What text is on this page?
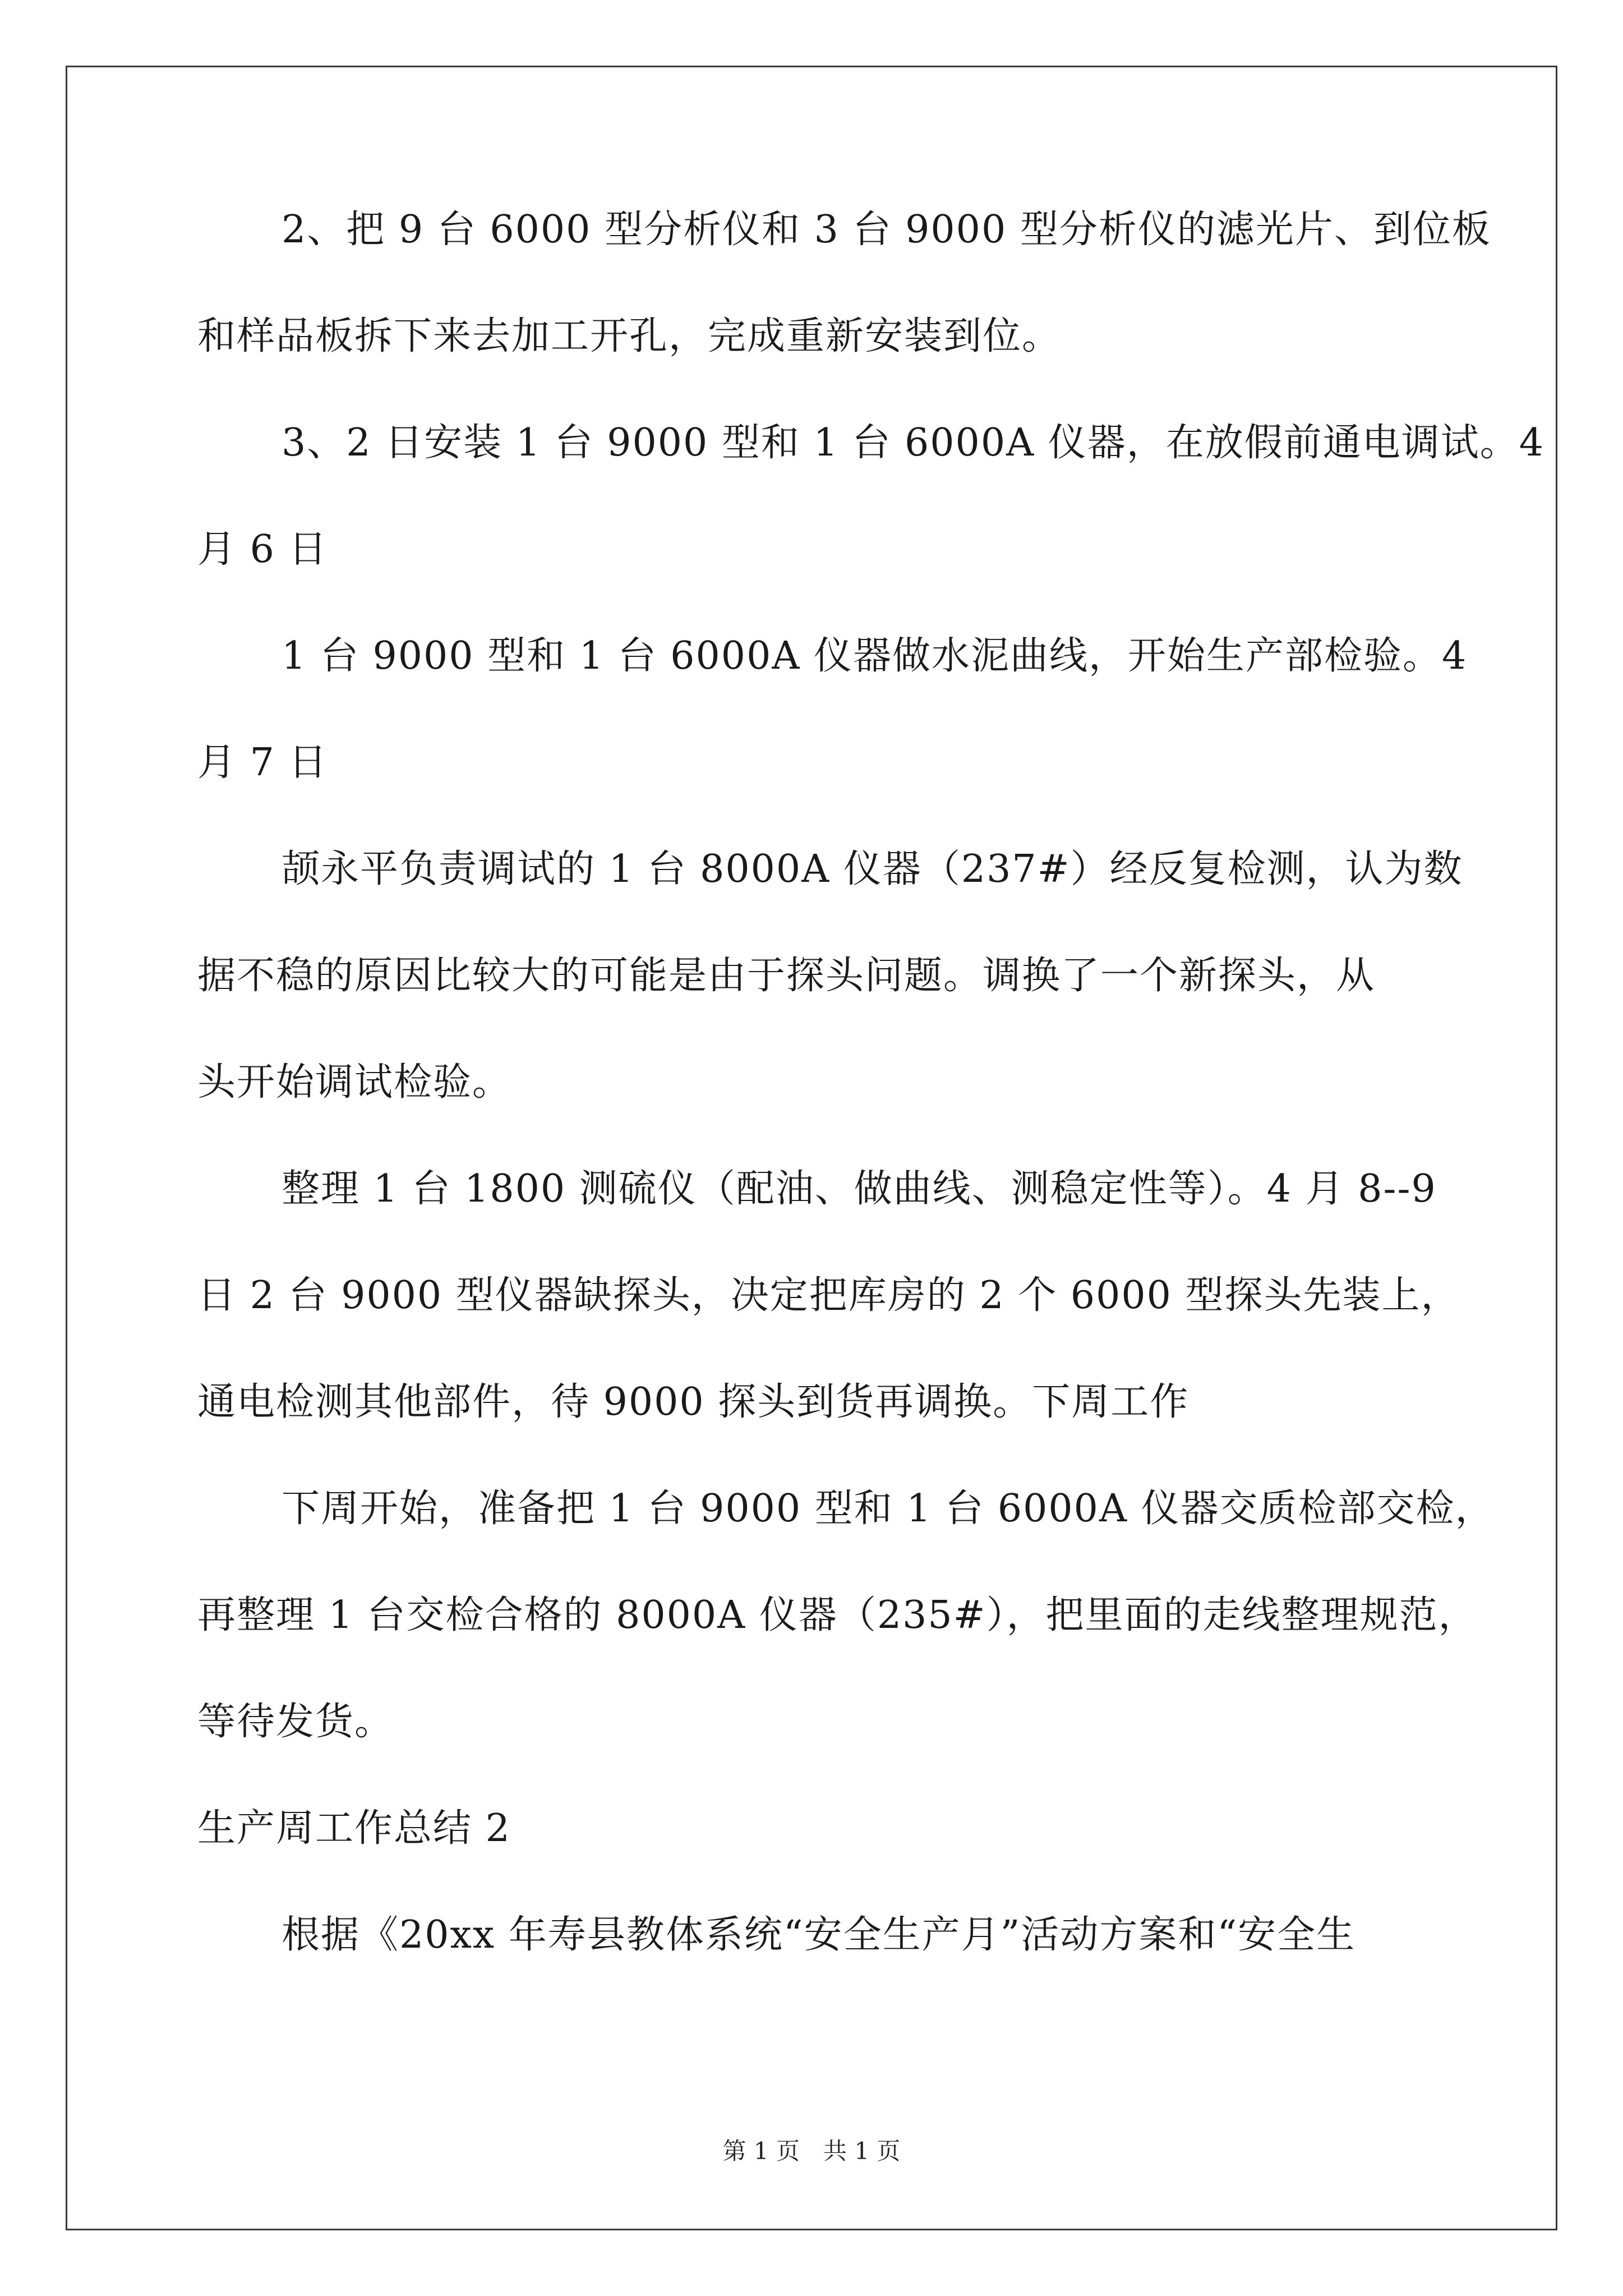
2、把 9 台 6000 型分析仪和 3 台 9000 型分析仪的滤光片、到位板
和样品板拆下来去加工开孔，完成重新安装到位。
3、2 日安装 1 台 9000 型和 1 台 6000A 仪器，在放假前通电调试。4
月 6 日
1 台 9000 型和 1 台 6000A 仪器做水泥曲线，开始生产部检验。4
月 7 日
颉永平负责调试的 1 台 8000A 仪器（237#）经反复检测，认为数
据不稳的原因比较大的可能是由于探头问题。调换了一个新探头，从
头开始调试检验。
整理 1 台 1800 测硫仪（配油、做曲线、测稳定性等）。4 月 8--9
日 2 台 9000 型仪器缺探头，决定把库房的 2 个 6000 型探头先装上，
通电检测其他部件，待 9000 探头到货再调换。下周工作
下周开始，准备把 1 台 9000 型和 1 台 6000A 仪器交质检部交检，
再整理 1 台交检合格的 8000A 仪器（235#），把里面的走线整理规范，
等待发货。
生产周工作总结 2
根据《20xx 年寿县教体系统“安全生产月”活动方案和“安全生
第 1 页　共 1 页
